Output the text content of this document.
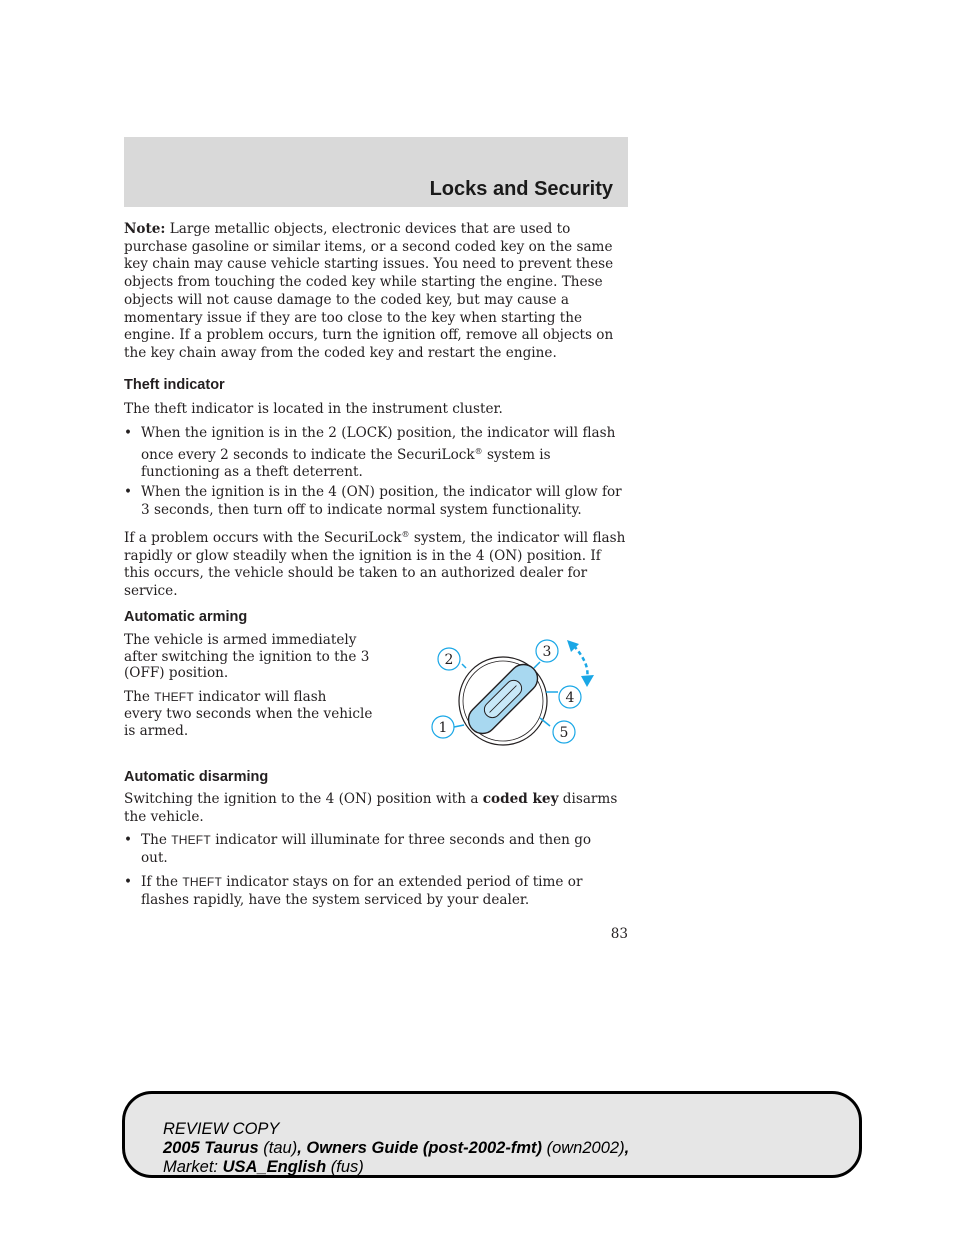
Locks and Security
Note: Large metallic objects, electronic devices that are used to
purchase gasoline or similar items, or a second coded key on the same
key chain may cause vehicle starting issues. You need to prevent these
objects from touching the coded key while starting the engine. These
objects will not cause damage to the coded key, but may cause a
momentary issue if they are too close to the key when starting the
engine. If a problem occurs, turn the ignition off, remove all objects on
the key chain away from the coded key and restart the engine.
Theft indicator
The theft indicator is located in the instrument cluster.
• When the ignition is in the 2 (LOCK) position, the indicator will flash
once every 2 seconds to indicate the SecuriLock® system is
functioning as a theft deterrent.
• When the ignition is in the 4 (ON) position, the indicator will glow for
3 seconds, then turn off to indicate normal system functionality.
If a problem occurs with the SecuriLock® system, the indicator will flash
rapidly or glow steadily when the ignition is in the 4 (ON) position. If
this occurs, the vehicle should be taken to an authorized dealer for
service.
Automatic arming
The vehicle is armed immediately
after switching the ignition to the 3
(OFF) position.
The THEFT indicator will flash
every two seconds when the vehicle
is armed.
2	3
4
1	5
Automatic disarming
Switching the ignition to the 4 (ON) position with a coded key disarms
the vehicle.
• The THEFT indicator will illuminate for three seconds and then go
out.
• If the THEFT indicator stays on for an extended period of time or
flashes rapidly, have the system serviced by your dealer.
83
REVIEW COPY
2005 Taurus (tau), Owners Guide (post-2002-fmt) (own2002),
Market: USA_English (fus)
